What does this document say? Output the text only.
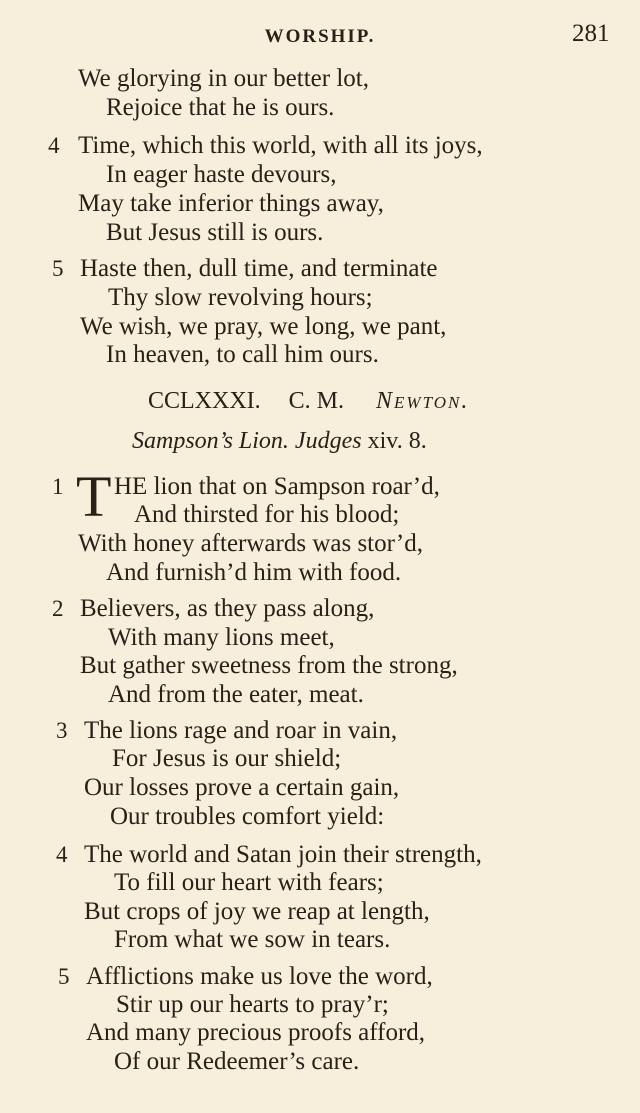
WORSHIP.	281
We glorying in our better lot,
Rejoice that he is ours.
4 Time, which this world, with all its joys,
In eager haste devours,
May take inferior things away,
But Jesus still is ours.
5 Haste then, dull time, and terminate
Thy slow revolving hours;
We wish, we pray, we long, we pant,
In heaven, to call him ours.
CCLXXXI. C. M. Newton.
Sampson’s Lion. Judges xiv. 8.
1 T HE lion that on Sampson roar’d,
And thirsted for his blood;
With honey afterwards was stor’d,
And furnish’d him with food.
2 Believers, as they pass along,
With many lions meet,
But gather sweetness from the strong,
And from the eater, meat.
3 The lions rage and roar in vain,
For Jesus is our shield;
Our losses prove a certain gain,
Our troubles comfort yield:
4 The world and Satan join their strength,
To fill our heart with fears;
But crops of joy we reap at length,
From what we sow in tears.
5 Afflictions make us love the word,
Stir up our hearts to pray’r;
And many precious proofs afford,
Of our Redeemer’s care.
